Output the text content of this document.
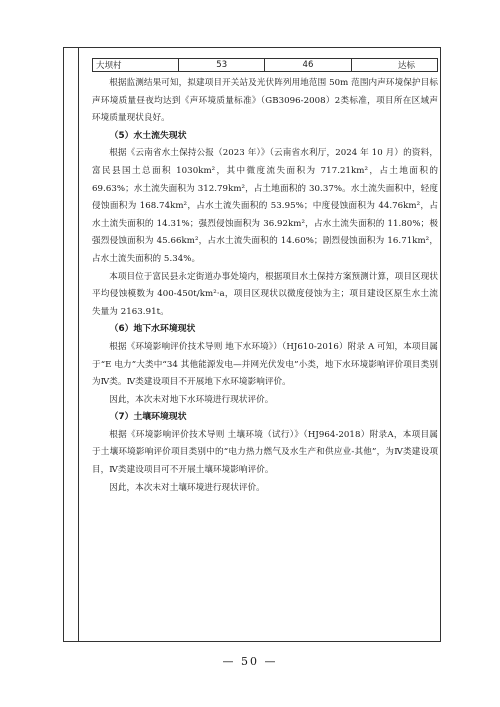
大坝村	53	46	达标

根据监测结果可知，拟建项目开关站及光伏阵列用地范围 50m 范围内声环境保护目标声环境质量昼夜均达到《声环境质量标准》（GB3096-2008）2类标准，项目所在区域声环境质量现状良好。

（5）水土流失现状

根据《云南省水土保持公报（2023 年）》（云南省水利厅，2024 年 10 月）的资料，富民县国土总面积 1030km²，其中微度流失面积为 717.21km²，占土地面积的 69.63%；水土流失面积为 312.79km²，占土地面积的 30.37%。水土流失面积中，轻度侵蚀面积为 168.74km²，占水土流失面积的 53.95%；中度侵蚀面积为 44.76km²，占水土流失面积的 14.31%；强烈侵蚀面积为 36.92km²，占水土流失面积的 11.80%；极强烈侵蚀面积为 45.66km²，占水土流失面积的 14.60%；剧烈侵蚀面积为 16.71km²，占水土流失面积的 5.34%。

本项目位于富民县永定街道办事处境内，根据项目水土保持方案预测计算，项目区现状平均侵蚀模数为 400-450t/km²·a，项目区现状以微度侵蚀为主；项目建设区原生水土流失量为 2163.91t。

（6）地下水环境现状

根据《环境影响评价技术导则 地下水环境》）（HJ610-2016）附录 A 可知，本项目属于“E 电力”大类中“34 其他能源发电—并网光伏发电”小类，地下水环境影响评价项目类别为Ⅳ类。Ⅳ类建设项目不开展地下水环境影响评价。

因此，本次未对地下水环境进行现状评价。

（7）土壤环境现状

根据《环境影响评价技术导则 土壤环境（试行）》（HJ964-2018）附录A，本项目属于土壤环境影响评价项目类别中的“电力热力燃气及水生产和供应业-其他”，为Ⅳ类建设项目，Ⅳ类建设项目可不开展土壤环境影响评价。

因此，本次未对土壤环境进行现状评价。

— 50 —
